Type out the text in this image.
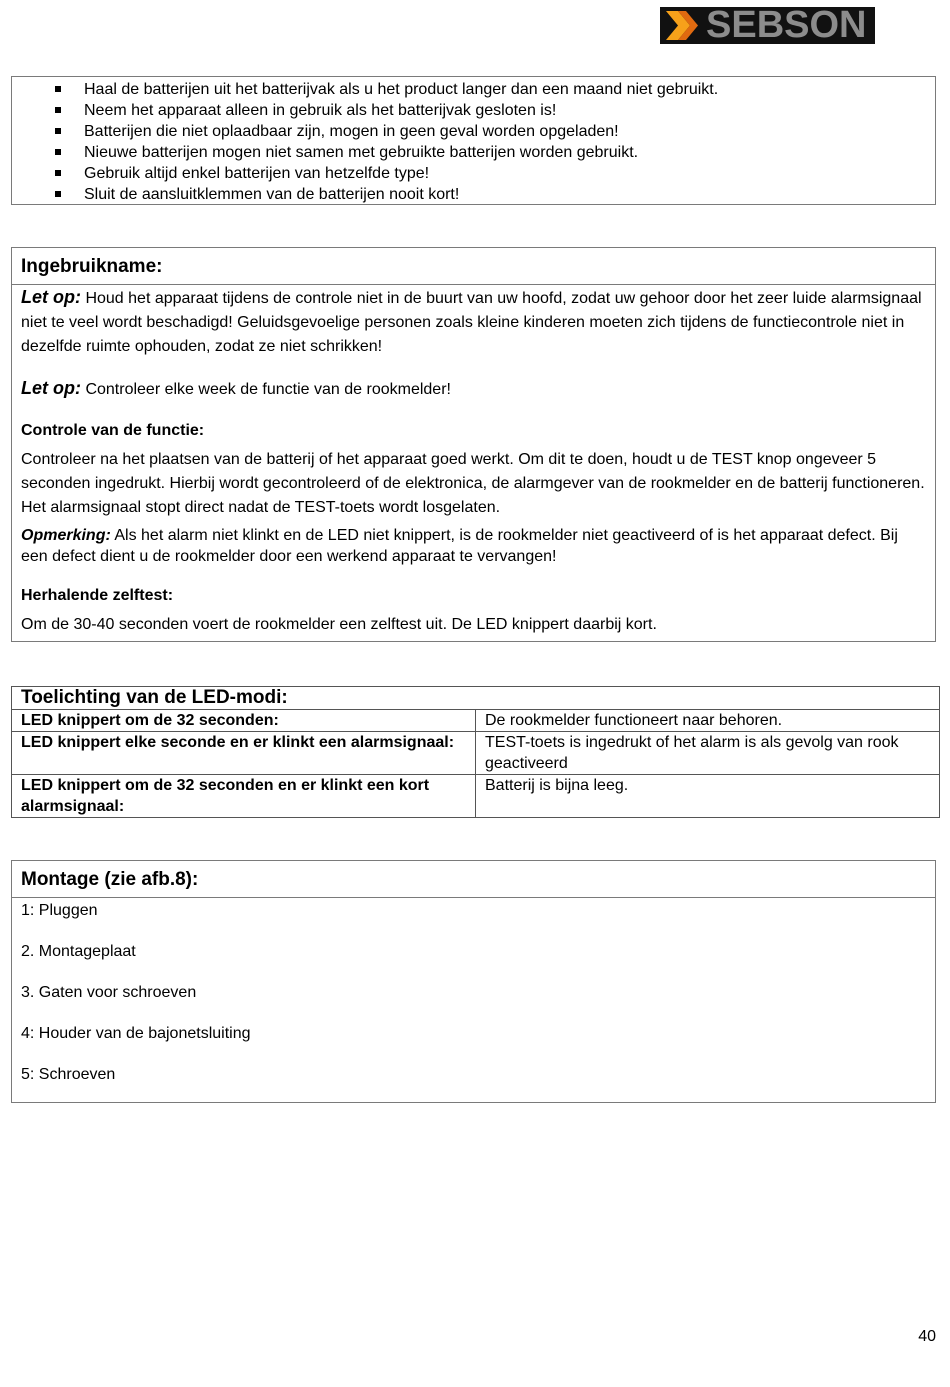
SEBSON
Haal de batterijen uit het batterijvak als u het product langer dan een maand niet gebruikt.
Neem het apparaat alleen in gebruik als het batterijvak gesloten is!
Batterijen die niet oplaadbaar zijn, mogen in geen geval worden opgeladen!
Nieuwe batterijen mogen niet samen met gebruikte batterijen worden gebruikt.
Gebruik altijd enkel batterijen van hetzelfde type!
Sluit de aansluitklemmen van de batterijen nooit kort!
Ingebruikname:

Let op: Houd het apparaat tijdens de controle niet in de buurt van uw hoofd, zodat uw gehoor door het zeer luide alarmsignaal niet te veel wordt beschadigd! Geluidsgevoelige personen zoals kleine kinderen moeten zich tijdens de functiecontrole niet in dezelfde ruimte ophouden, zodat ze niet schrikken!

Let op: Controleer elke week de functie van de rookmelder!

Controle van de functie:

Controleer na het plaatsen van de batterij of het apparaat goed werkt. Om dit te doen, houdt u de TEST knop ongeveer 5 seconden ingedrukt. Hierbij wordt gecontroleerd of de elektronica, de alarmgever van de rookmelder en de batterij functioneren. Het alarmsignaal stopt direct nadat de TEST-toets wordt losgelaten.

Opmerking: Als het alarm niet klinkt en de LED niet knippert, is de rookmelder niet geactiveerd of is het apparaat defect. Bij een defect dient u de rookmelder door een werkend apparaat te vervangen!

Herhalende zelftest:

Om de 30-40 seconden voert de rookmelder een zelftest uit. De LED knippert daarbij kort.

Toelichting van de LED-modi:	
LED knippert om de 32 seconden:	De rookmelder functioneert naar behoren.
LED knippert elke seconde en er klinkt een alarmsignaal:	TEST-toets is ingedrukt of het alarm is als gevolg van rook geactiveerd
LED knippert om de 32 seconden en er klinkt een kort alarmsignaal:	Batterij is bijna leeg.
Montage (zie afb.8):

1: Pluggen

2. Montageplaat

3. Gaten voor schroeven

4: Houder van de bajonetsluiting

5: Schroeven

40
